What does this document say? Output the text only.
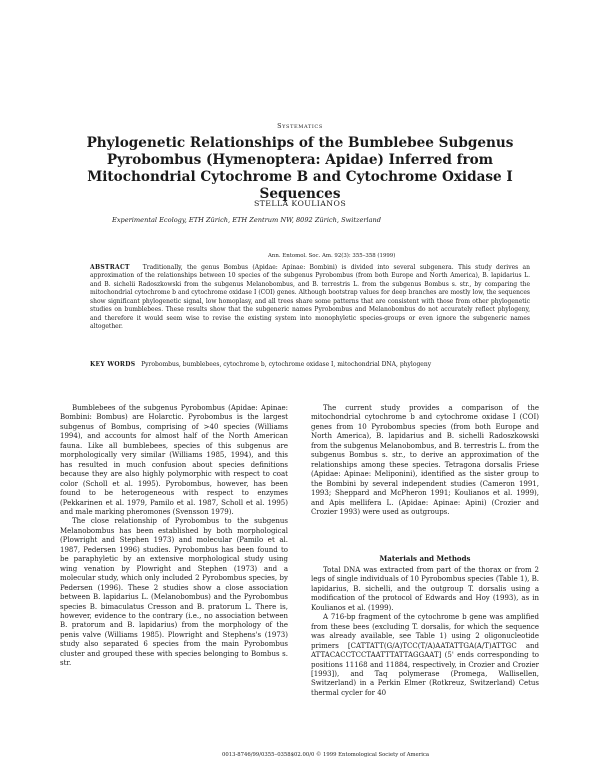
Systematics
Phylogenetic Relationships of the Bumblebee Subgenus Pyrobombus (Hymenoptera: Apidae) Inferred from Mitochondrial Cytochrome B and Cytochrome Oxidase I Sequences
STELLA KOULIANOS
Experimental Ecology, ETH Zürich, ETH Zentrum NW, 8092 Zürich, Switzerland
Ann. Entomol. Soc. Am. 92(3): 355–358 (1999)
ABSTRACT Traditionally, the genus Bombus (Apidae: Apinae: Bombini) is divided into several subgenera. This study derives an approximation of the relationships between 10 species of the subgenus Pyrobombus (from both Europe and North America), B. lapidarius L. and B. sichelii Radoszkowski from the subgenus Melanobombus, and B. terrestris L. from the subgenus Bombus s. str., by comparing the mitochondrial cytochrome b and cytochrome oxidase I (COI) genes. Although bootstrap values for deep branches are mostly low, the sequences show significant phylogenetic signal, low homoplasy, and all trees share some patterns that are consistent with those from other phylogenetic studies on bumblebees. These results show that the subgeneric names Pyrobombus and Melanobombus do not accurately reflect phylogeny, and therefore it would seem wise to revise the existing system into monophyletic species-groups or even ignore the subgeneric names altogether.
KEY WORDS Pyrobombus, bumblebees, cytochrome b, cytochrome oxidase I, mitochondrial DNA, phylogeny

Bumblebees of the subgenus Pyrobombus (Apidae: Apinae: Bombini: Bombus) are Holarctic. Pyrobombus is the largest subgenus of Bombus, comprising of >40 species (Williams 1994), and accounts for almost half of the North American fauna. Like all bumblebees, species of this subgenus are morphologically very similar (Williams 1985, 1994), and this has resulted in much confusion about species definitions because they are also highly polymorphic with respect to coat color (Scholl et al. 1995). Pyrobombus, however, has been found to be heterogeneous with respect to enzymes (Pekkarinen et al. 1979, Pamilo et al. 1987, Scholl et al. 1995) and male marking pheromones (Svensson 1979).

The close relationship of Pyrobombus to the subgenus Melanobombus has been established by both morphological (Plowright and Stephen 1973) and molecular (Pamilo et al. 1987, Pedersen 1996) studies. Pyrobombus has been found to be paraphyletic by an extensive morphological study using wing venation by Plowright and Stephen (1973) and a molecular study, which only included 2 Pyrobombus species, by Pedersen (1996). These 2 studies show a close association between B. lapidarius L. (Melanobombus) and the Pyrobombus species B. bimaculatus Cresson and B. pratorum L. There is, however, evidence to the contrary (i.e., no association between B. pratorum and B. lapidarius) from the morphology of the penis valve (Williams 1985). Plowright and Stephens's (1973) study also separated 6 species from the main Pyrobombus cluster and grouped these with species belonging to Bombus s. str.

The current study provides a comparison of the mitochondrial cytochrome b and cytochrome oxidase I (COI) genes from 10 Pyrobombus species (from both Europe and North America), B. lapidarius and B. sichelli Radoszkowski from the subgenus Melanobombus, and B. terrestris L. from the subgenus Bombus s. str., to derive an approximation of the relationships among these species. Tetragona dorsalis Friese (Apidae: Apinae: Meliponini), identified as the sister group to the Bombini by several independent studies (Cameron 1991, 1993; Sheppard and McPheron 1991; Koulianos et al. 1999), and Apis mellifera L. (Apidae: Apinae: Apini) (Crozier and Crozier 1993) were used as outgroups.

Materials and Methods

Total DNA was extracted from part of the thorax or from 2 legs of single individuals of 10 Pyrobombus species (Table 1), B. lapidarius, B. sichelli, and the outgroup T. dorsalis using a modification of the protocol of Edwards and Hoy (1993), as in Koulianos et al. (1999).

A 716-bp fragment of the cytochrome b gene was amplified from these bees (excluding T. dorsalis, for which the sequence was already available, see Table 1) using 2 oligonucleotide primers [CATTATT(G/A)TCC(T/A)AATATTGA(A/T)ATTGC and ATTACACCTCCTAATTTATTAGGAAT] (5' ends corresponding to positions 11168 and 11884, respectively, in Crozier and Crozier [1993]), and Taq polymerase (Promega, Wallisellen, Switzerland) in a Perkin Elmer (Rotkreuz, Switzerland) Cetus thermal cycler for 40

0013-8746/99/0355–0358$02.00/0 © 1999 Entomological Society of America
